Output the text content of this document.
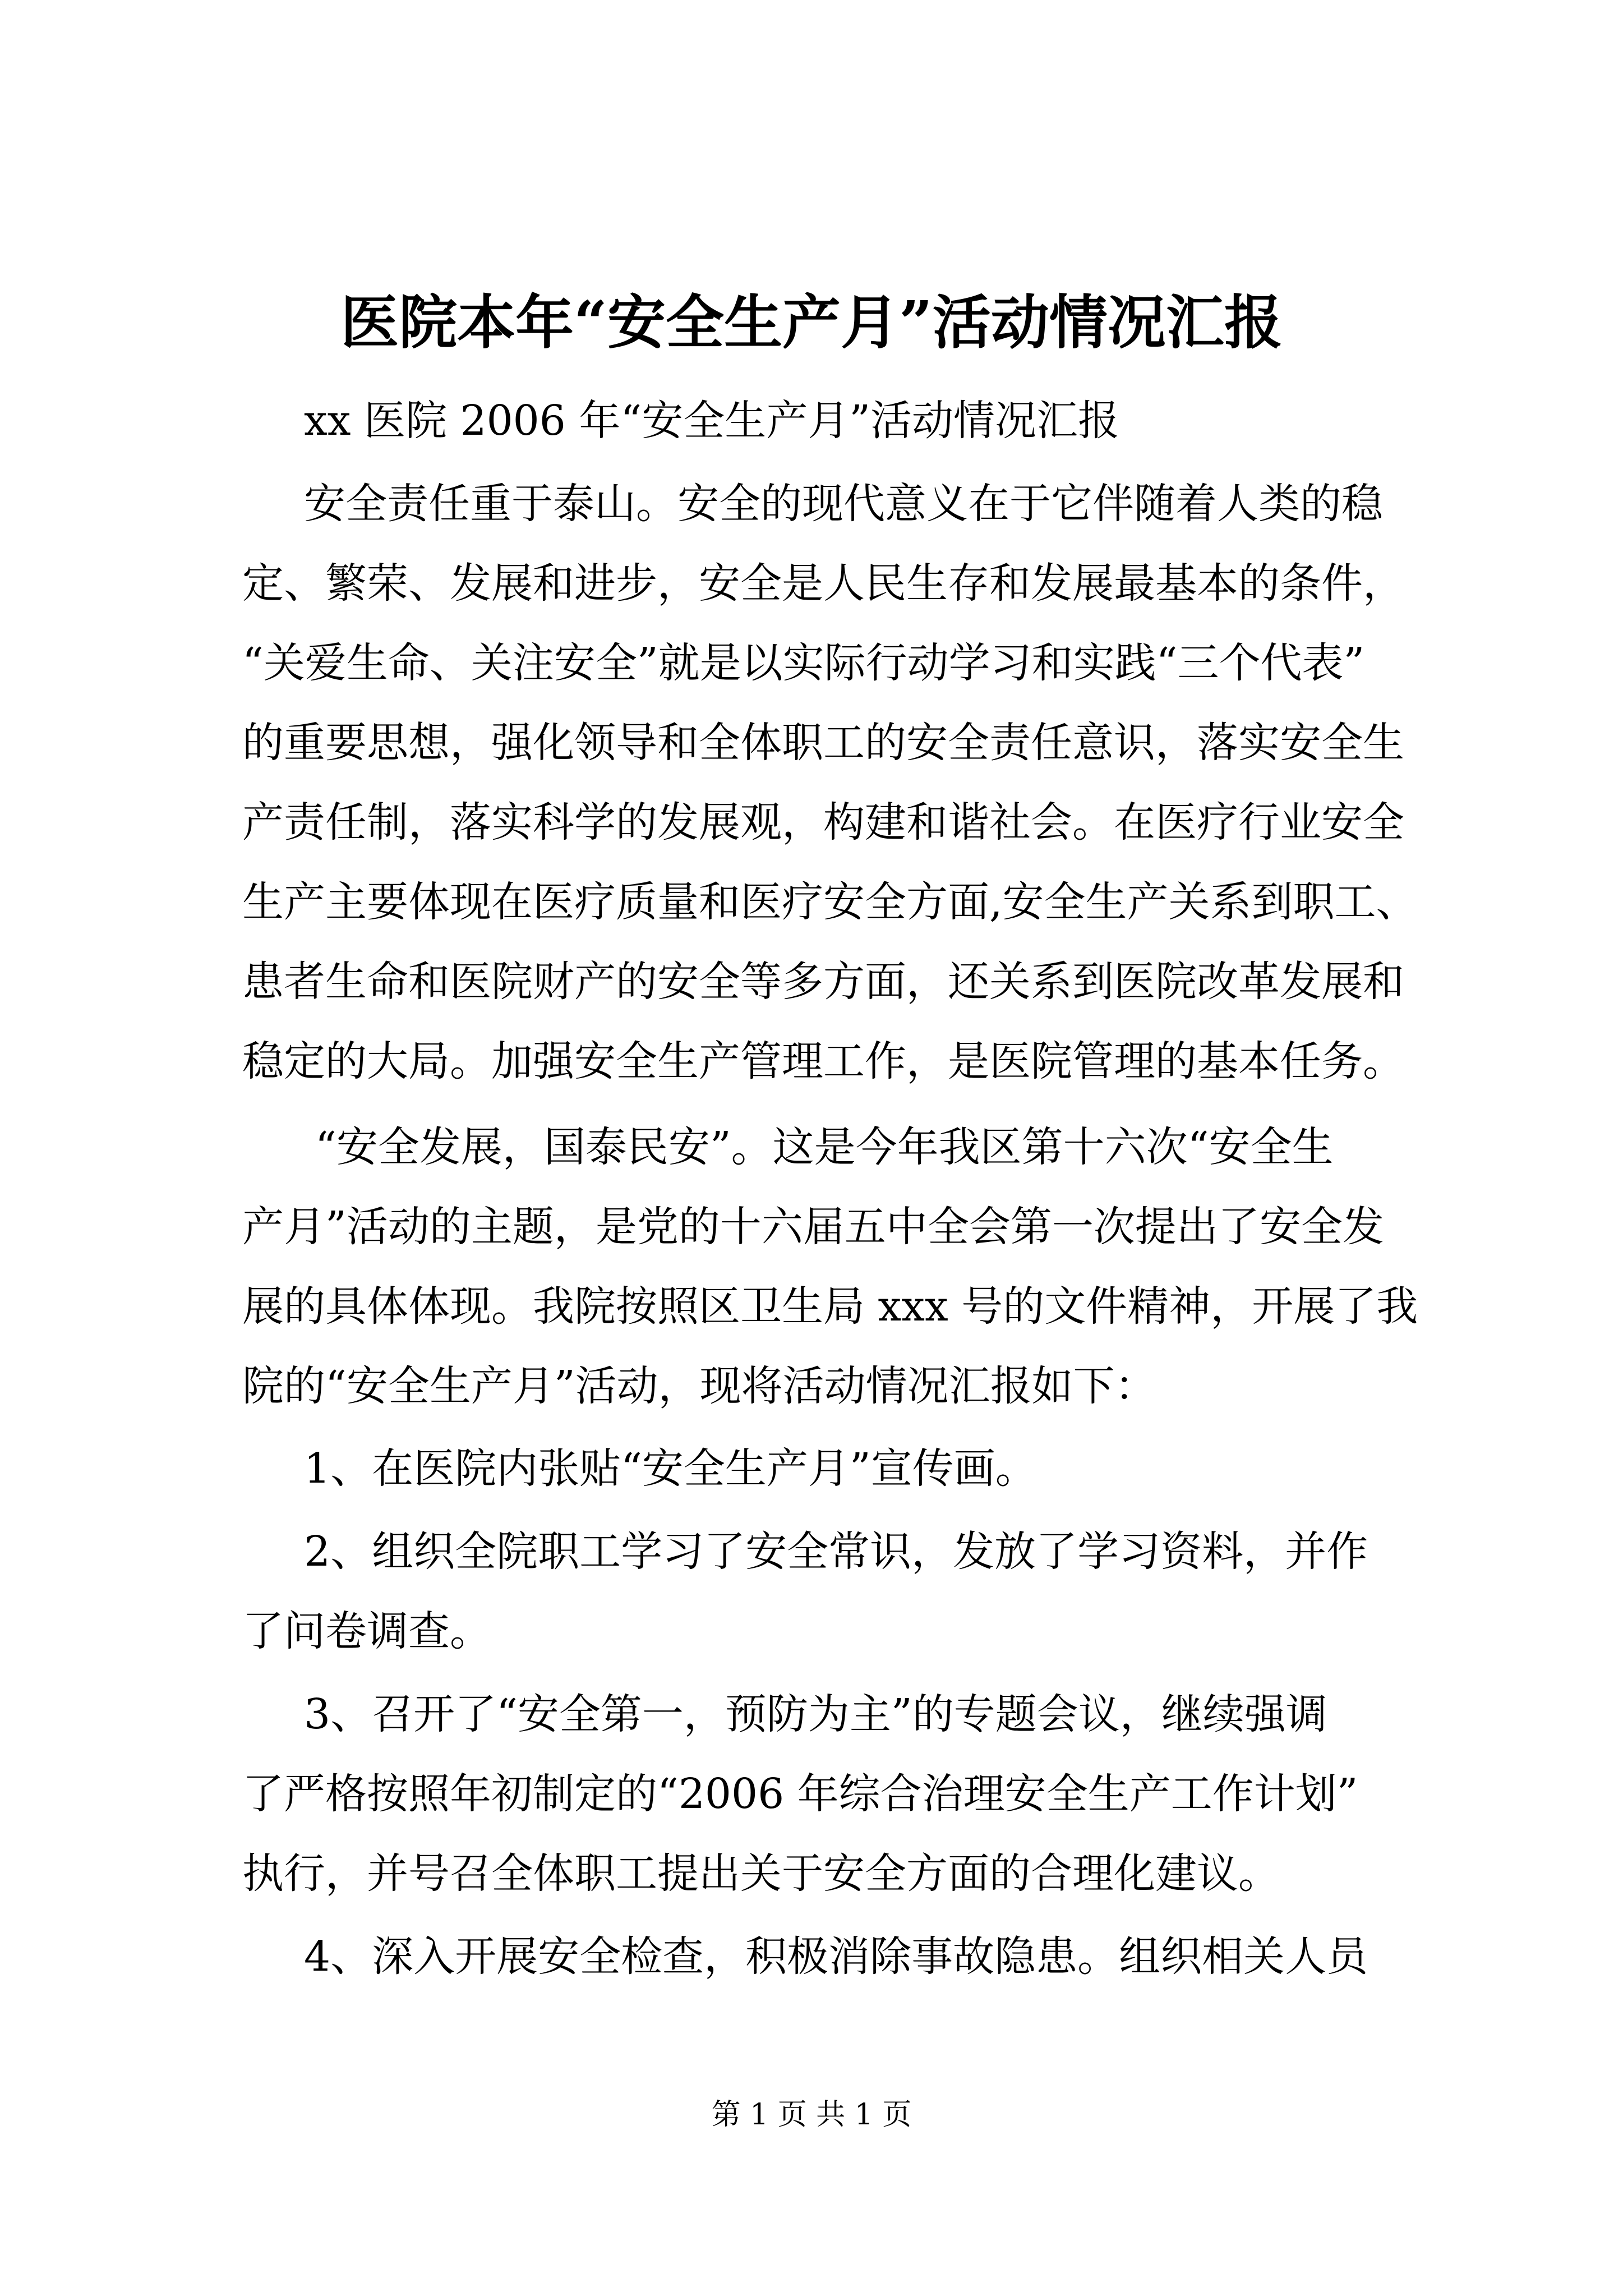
医院本年“安全生产月”活动情况汇报
xx 医院 2006 年“安全生产月”活动情况汇报
安全责任重于泰山。安全的现代意义在于它伴随着人类的稳
定、繁荣、发展和进步，安全是人民生存和发展最基本的条件，
“关爱生命、关注安全”就是以实际行动学习和实践“三个代表”
的重要思想，强化领导和全体职工的安全责任意识，落实安全生
产责任制，落实科学的发展观，构建和谐社会。在医疗行业安全
生产主要体现在医疗质量和医疗安全方面,安全生产关系到职工、
患者生命和医院财产的安全等多方面，还关系到医院改革发展和
稳定的大局。加强安全生产管理工作，是医院管理的基本任务。
“安全发展，国泰民安”。这是今年我区第十六次“安全生
产月”活动的主题，是党的十六届五中全会第一次提出了安全发
展的具体体现。我院按照区卫生局 xxx 号的文件精神，开展了我
院的“安全生产月”活动，现将活动情况汇报如下：
1、在医院内张贴“安全生产月”宣传画。
2、组织全院职工学习了安全常识，发放了学习资料，并作
了问卷调查。
3、召开了“安全第一，预防为主”的专题会议，继续强调
了严格按照年初制定的“2006 年综合治理安全生产工作计划”
执行，并号召全体职工提出关于安全方面的合理化建议。
4、深入开展安全检查，积极消除事故隐患。组织相关人员
第 1 页 共 1 页
